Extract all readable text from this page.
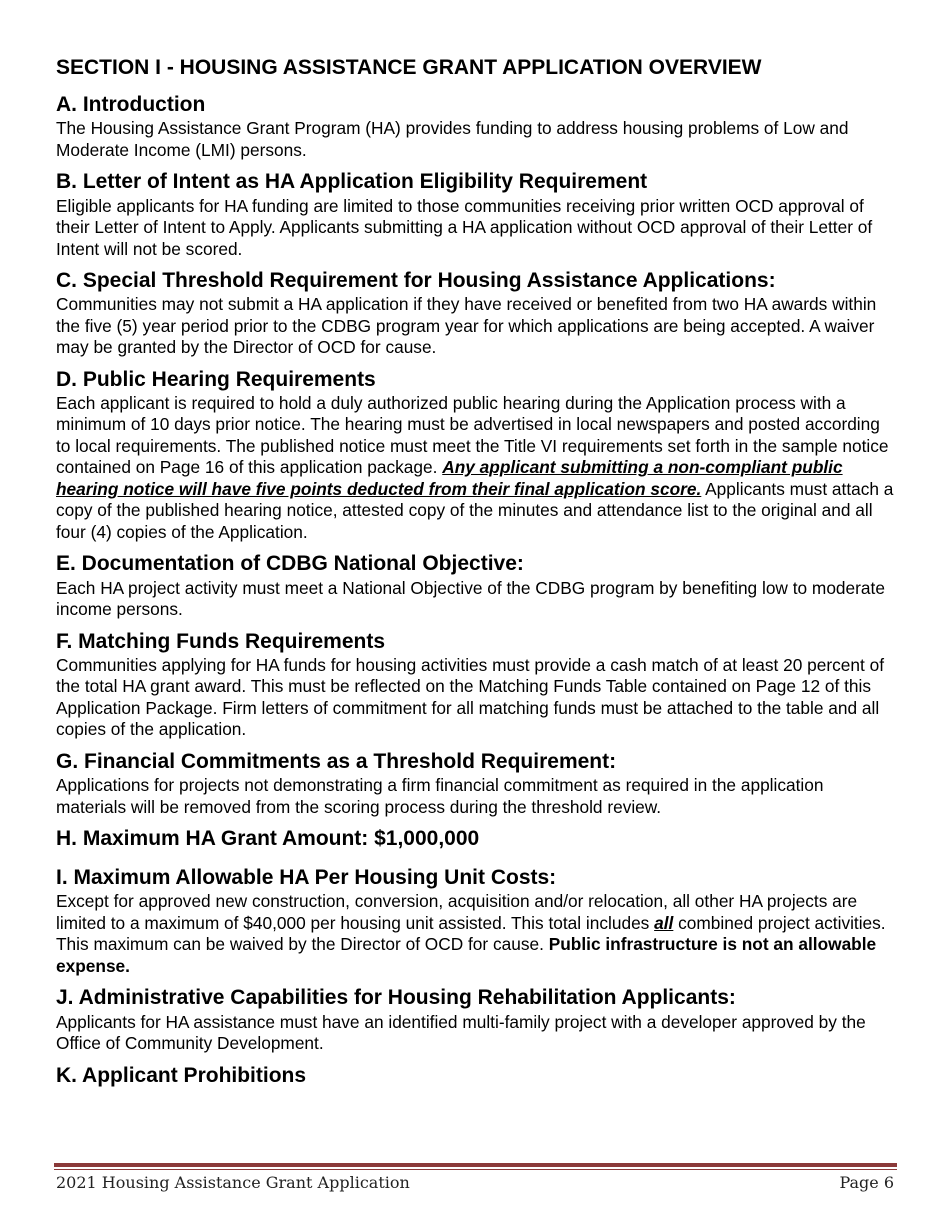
SECTION I - HOUSING ASSISTANCE GRANT APPLICATION OVERVIEW
A. Introduction

The Housing Assistance Grant Program (HA) provides funding to address housing problems of Low and Moderate Income (LMI) persons.

B. Letter of Intent as HA Application Eligibility Requirement

Eligible applicants for HA funding are limited to those communities receiving prior written OCD approval of their Letter of Intent to Apply. Applicants submitting a HA application without OCD approval of their Letter of Intent will not be scored.

C. Special Threshold Requirement for Housing Assistance Applications:

Communities may not submit a HA application if they have received or benefited from two HA awards within the five (5) year period prior to the CDBG program year for which applications are being accepted. A waiver may be granted by the Director of OCD for cause.

D. Public Hearing Requirements

Each applicant is required to hold a duly authorized public hearing during the Application process with a minimum of 10 days prior notice. The hearing must be advertised in local newspapers and posted according to local requirements. The published notice must meet the Title VI requirements set forth in the sample notice contained on Page 16 of this application package. Any applicant submitting a non-compliant public hearing notice will have five points deducted from their final application score. Applicants must attach a copy of the published hearing notice, attested copy of the minutes and attendance list to the original and all four (4) copies of the Application.

E. Documentation of CDBG National Objective:

Each HA project activity must meet a National Objective of the CDBG program by benefiting low to moderate income persons.

F. Matching Funds Requirements

Communities applying for HA funds for housing activities must provide a cash match of at least 20 percent of the total HA grant award. This must be reflected on the Matching Funds Table contained on Page 12 of this Application Package. Firm letters of commitment for all matching funds must be attached to the table and all copies of the application.

G. Financial Commitments as a Threshold Requirement:

Applications for projects not demonstrating a firm financial commitment as required in the application materials will be removed from the scoring process during the threshold review.

H. Maximum HA Grant Amount: $1,000,000
I. Maximum Allowable HA Per Housing Unit Costs:

Except for approved new construction, conversion, acquisition and/or relocation, all other HA projects are limited to a maximum of $40,000 per housing unit assisted. This total includes all combined project activities. This maximum can be waived by the Director of OCD for cause. Public infrastructure is not an allowable expense.

J. Administrative Capabilities for Housing Rehabilitation Applicants:

Applicants for HA assistance must have an identified multi-family project with a developer approved by the Office of Community Development.

K. Applicant Prohibitions
2021 Housing Assistance Grant Application	Page 6
